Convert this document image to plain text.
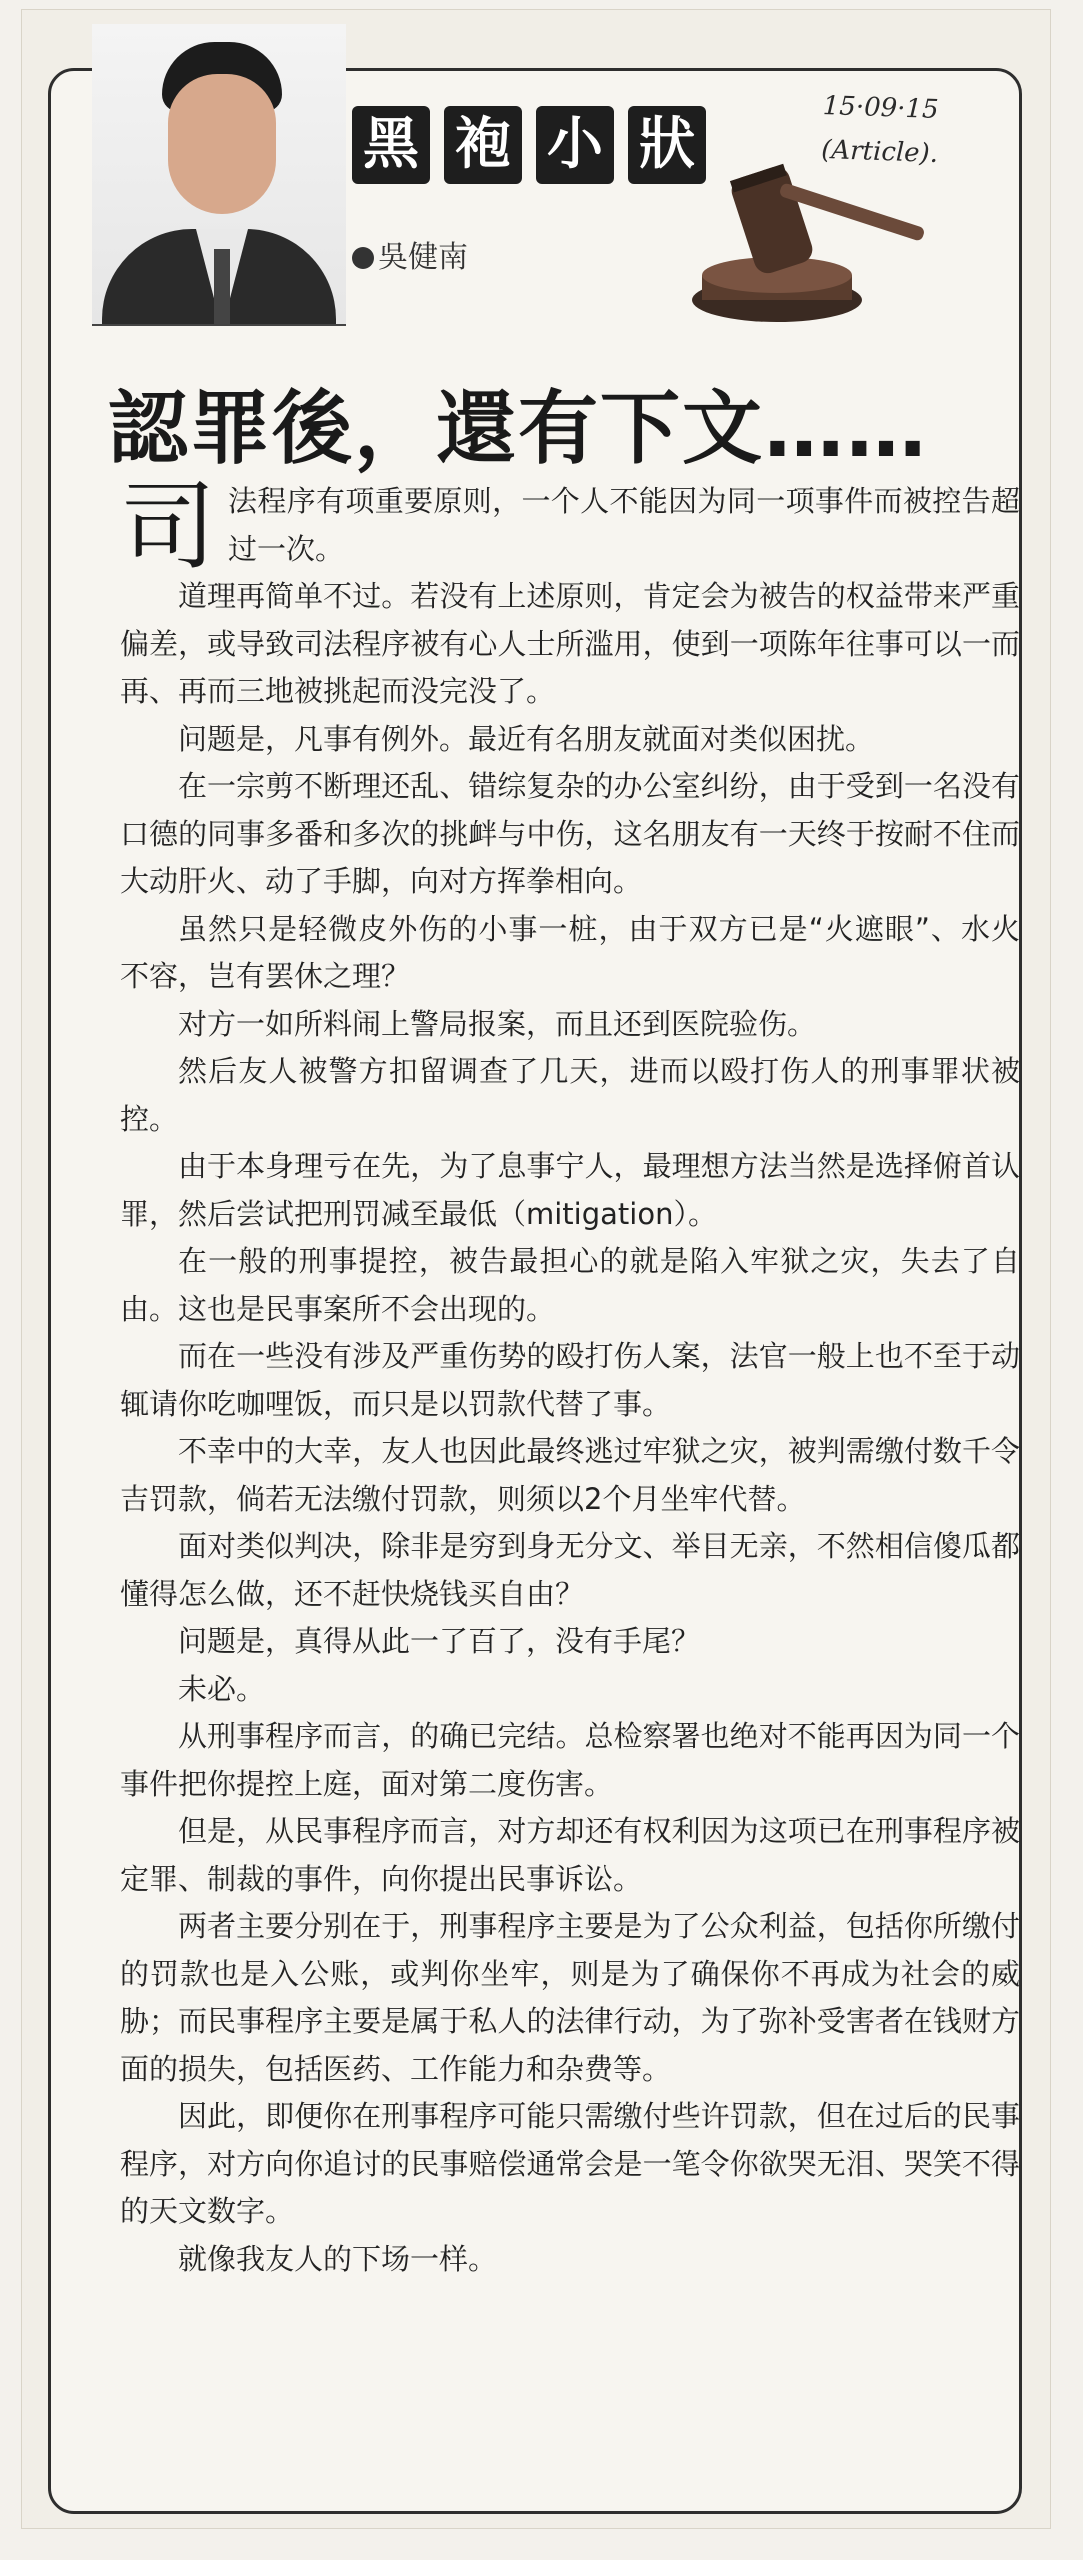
黑 袍 小 狀
吳健南
15·09·15
(Article).
認罪後，還有下文……

司法程序有项重要原则，一个人不能因为同一项事件而被控告超过一次。

道理再简单不过。若没有上述原则，肯定会为被告的权益带来严重偏差，或导致司法程序被有心人士所滥用，使到一项陈年往事可以一而再、再而三地被挑起而没完没了。

问题是，凡事有例外。最近有名朋友就面对类似困扰。

在一宗剪不断理还乱、错综复杂的办公室纠纷，由于受到一名没有口德的同事多番和多次的挑衅与中伤，这名朋友有一天终于按耐不住而大动肝火、动了手脚，向对方挥拳相向。

虽然只是轻微皮外伤的小事一桩，由于双方已是“火遮眼”、水火不容，岂有罢休之理？

对方一如所料闹上警局报案，而且还到医院验伤。

然后友人被警方扣留调查了几天，进而以殴打伤人的刑事罪状被控。

由于本身理亏在先，为了息事宁人，最理想方法当然是选择俯首认罪，然后尝试把刑罚减至最低（mitigation）。

在一般的刑事提控，被告最担心的就是陷入牢狱之灾，失去了自由。这也是民事案所不会出现的。

而在一些没有涉及严重伤势的殴打伤人案，法官一般上也不至于动辄请你吃咖哩饭，而只是以罚款代替了事。

不幸中的大幸，友人也因此最终逃过牢狱之灾，被判需缴付数千令吉罚款，倘若无法缴付罚款，则须以2个月坐牢代替。

面对类似判决，除非是穷到身无分文、举目无亲，不然相信傻瓜都懂得怎么做，还不赶快烧钱买自由？

问题是，真得从此一了百了，没有手尾？

未必。

从刑事程序而言，的确已完结。总检察署也绝对不能再因为同一个事件把你提控上庭，面对第二度伤害。

但是，从民事程序而言，对方却还有权利因为这项已在刑事程序被定罪、制裁的事件，向你提出民事诉讼。

两者主要分别在于，刑事程序主要是为了公众利益，包括你所缴付的罚款也是入公账，或判你坐牢，则是为了确保你不再成为社会的威胁；而民事程序主要是属于私人的法律行动，为了弥补受害者在钱财方面的损失，包括医药、工作能力和杂费等。

因此，即便你在刑事程序可能只需缴付些许罚款，但在过后的民事程序，对方向你追讨的民事赔偿通常会是一笔令你欲哭无泪、哭笑不得的天文数字。

就像我友人的下场一样。
